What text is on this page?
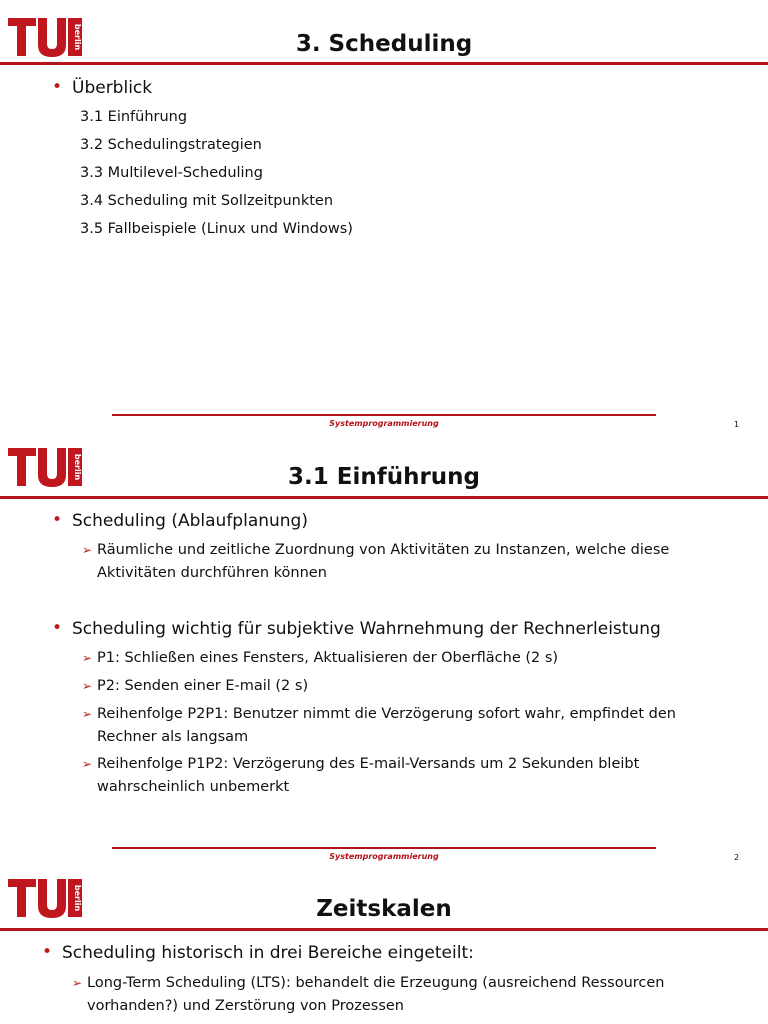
berlin	3. Scheduling
• Überblick
3.1 Einführung
3.2 Schedulingstrategien
3.3 Multilevel-Scheduling
3.4 Scheduling mit Sollzeitpunkten
3.5 Fallbeispiele (Linux und Windows)
Systemprogrammierung	1
berlin	3.1 Einführung
• Scheduling (Ablaufplanung)
➢ Räumliche und zeitliche Zuordnung von Aktivitäten zu Instanzen, welche diese
Aktivitäten durchführen können
• Scheduling wichtig für subjektive Wahrnehmung der Rechnerleistung
➢ P1: Schließen eines Fensters, Aktualisieren der Oberfläche (2 s)
➢ P2: Senden einer E-mail (2 s)
➢ Reihenfolge P2P1: Benutzer nimmt die Verzögerung sofort wahr, empfindet den
Rechner als langsam
➢ Reihenfolge P1P2: Verzögerung des E-mail-Versands um 2 Sekunden bleibt
wahrscheinlich unbemerkt
Systemprogrammierung	2
berlin	Zeitskalen
• Scheduling historisch in drei Bereiche eingeteilt:
➢ Long-Term Scheduling (LTS): behandelt die Erzeugung (ausreichend Ressourcen
vorhanden?) und Zerstörung von Prozessen
